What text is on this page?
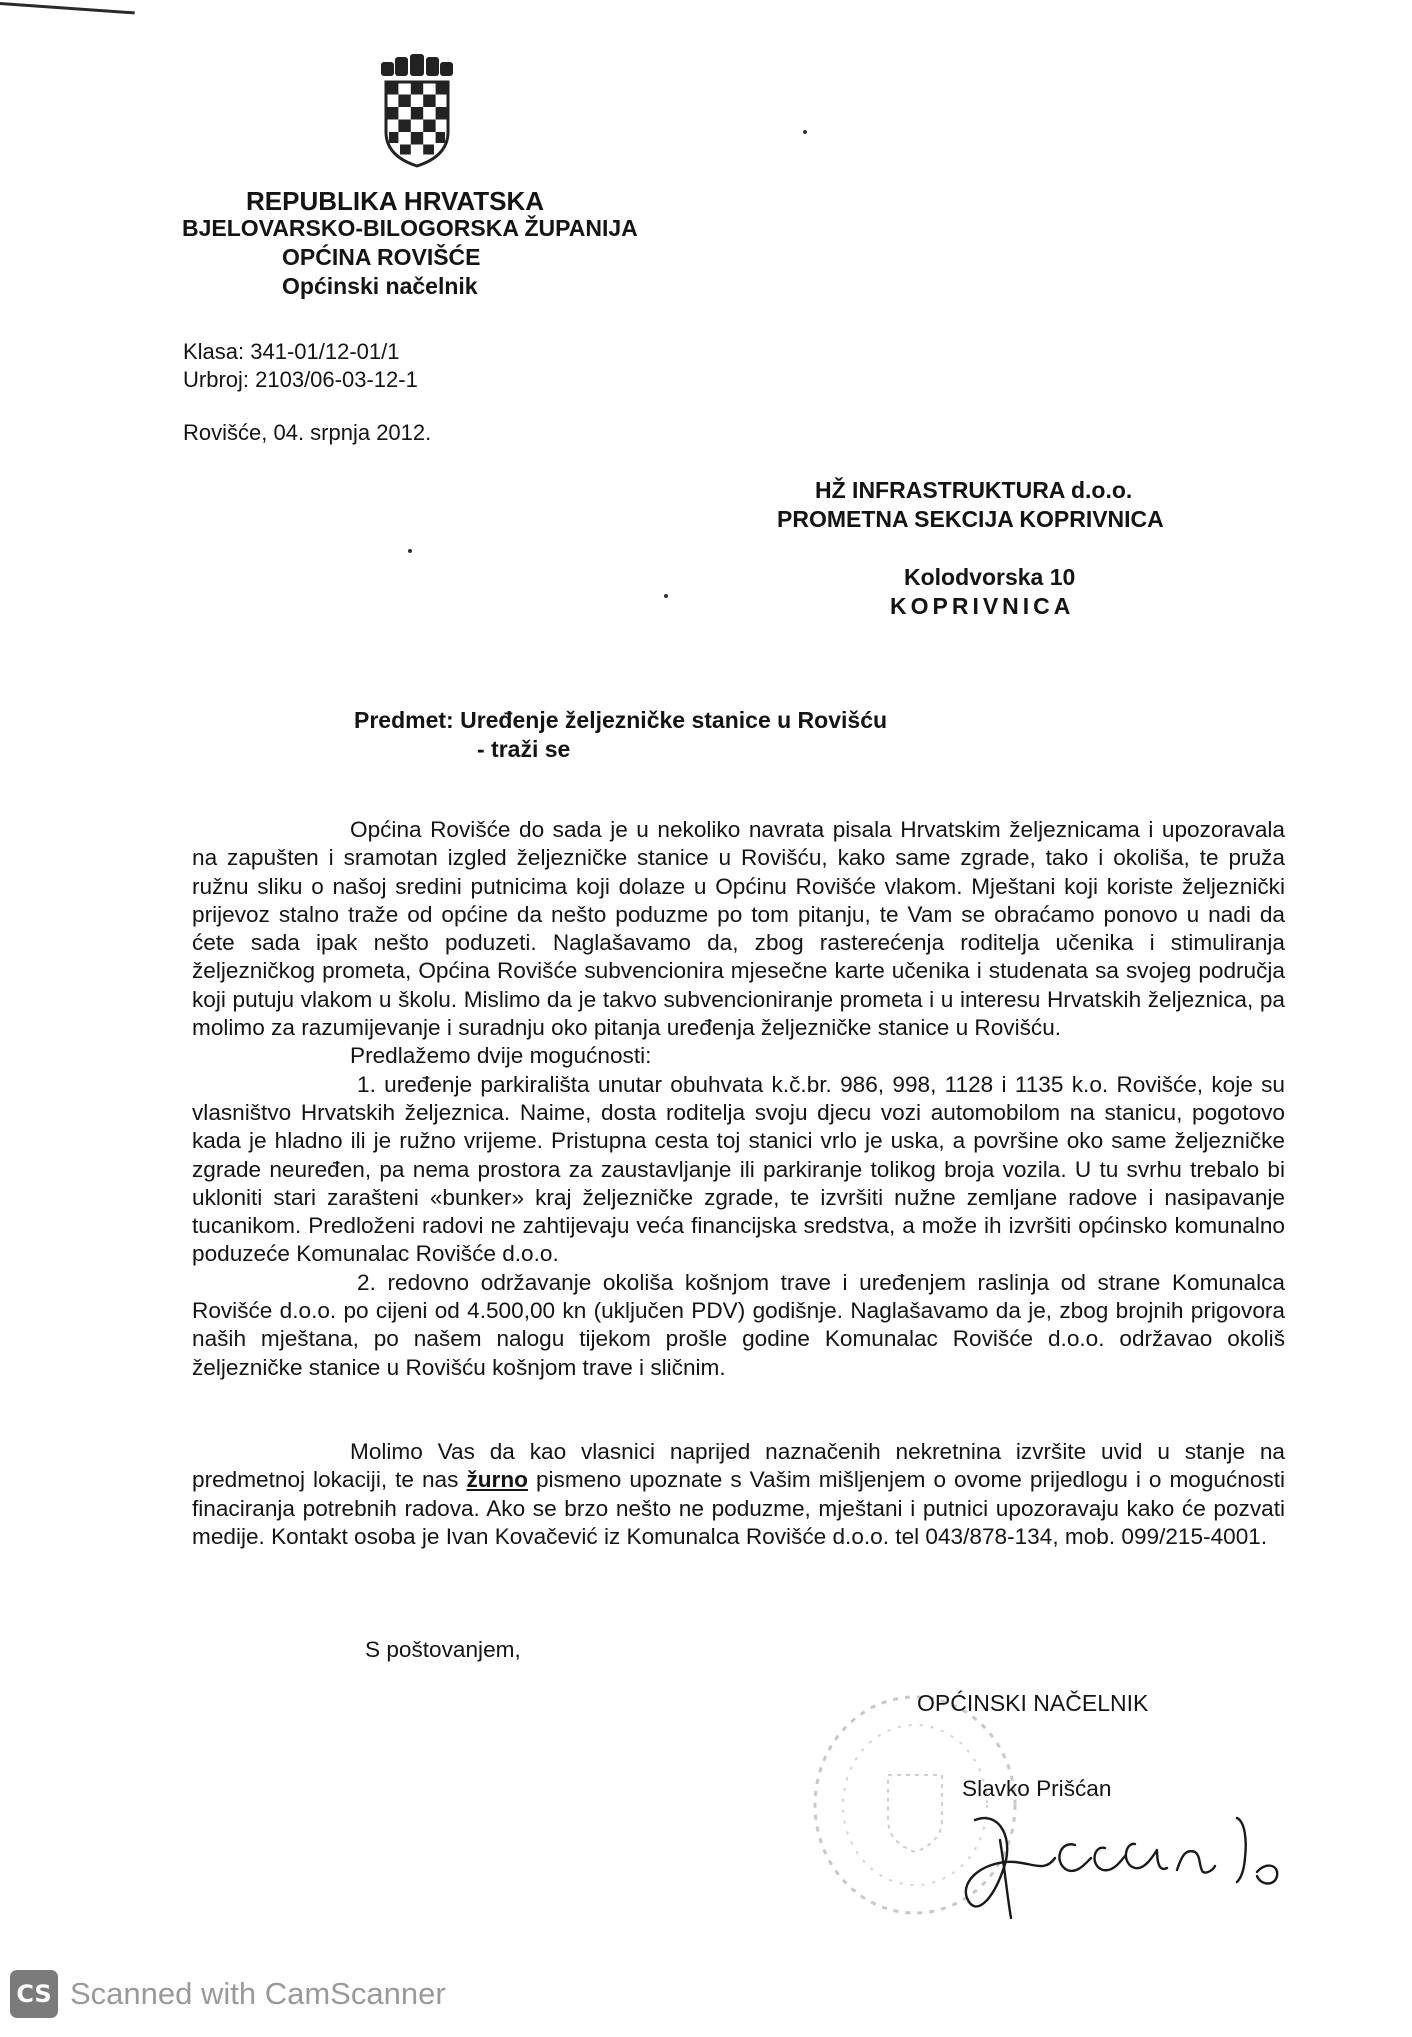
REPUBLIKA HRVATSKA
BJELOVARSKO-BILOGORSKA ŽUPANIJA
OPĆINA ROVIŠĆE
Općinski načelnik
Klasa: 341-01/12-01/1
Urbroj: 2103/06-03-12-1
Rovišće, 04. srpnja 2012.
HŽ INFRASTRUKTURA d.o.o.
PROMETNA SEKCIJA KOPRIVNICA
Kolodvorska 10
KOPRIVNICA
Predmet: Uređenje željezničke stanice u Rovišću
- traži se

Općina Rovišće do sada je u nekoliko navrata pisala Hrvatskim željeznicama i upozoravala na zapušten i sramotan izgled željezničke stanice u Rovišću, kako same zgrade, tako i okoliša, te pruža ružnu sliku o našoj sredini putnicima koji dolaze u Općinu Rovišće vlakom. Mještani koji koriste željeznički prijevoz stalno traže od općine da nešto poduzme po tom pitanju, te Vam se obraćamo ponovo u nadi da ćete sada ipak nešto poduzeti. Naglašavamo da, zbog rasterećenja roditelja učenika i stimuliranja željezničkog prometa, Općina Rovišće subvencionira mjesečne karte učenika i studenata sa svojeg područja koji putuju vlakom u školu. Mislimo da je takvo subvencioniranje prometa i u interesu Hrvatskih željeznica, pa molimo za razumijevanje i suradnju oko pitanja uređenja željezničke stanice u Rovišću.

Predlažemo dvije mogućnosti:

1. uređenje parkirališta unutar obuhvata k.č.br. 986, 998, 1128 i 1135 k.o. Rovišće, koje su vlasništvo Hrvatskih željeznica. Naime, dosta roditelja svoju djecu vozi automobilom na stanicu, pogotovo kada je hladno ili je ružno vrijeme. Pristupna cesta toj stanici vrlo je uska, a površine oko same željezničke zgrade neuređen, pa nema prostora za zaustavljanje ili parkiranje tolikog broja vozila. U tu svrhu trebalo bi ukloniti stari zarašteni «bunker» kraj željezničke zgrade, te izvršiti nužne zemljane radove i nasipavanje tucanikom. Predloženi radovi ne zahtijevaju veća financijska sredstva, a može ih izvršiti općinsko komunalno poduzeće Komunalac Rovišće d.o.o.

2. redovno održavanje okoliša košnjom trave i uređenjem raslinja od strane Komunalca Rovišće d.o.o. po cijeni od 4.500,00 kn (uključen PDV) godišnje. Naglašavamo da je, zbog brojnih prigovora naših mještana, po našem nalogu tijekom prošle godine Komunalac Rovišće d.o.o. održavao okoliš željezničke stanice u Rovišću košnjom trave i sličnim.

Molimo Vas da kao vlasnici naprijed naznačenih nekretnina izvršite uvid u stanje na predmetnoj lokaciji, te nas žurno pismeno upoznate s Vašim mišljenjem o ovome prijedlogu i o mogućnosti finaciranja potrebnih radova. Ako se brzo nešto ne poduzme, mještani i putnici upozoravaju kako će pozvati medije. Kontakt osoba je Ivan Kovačević iz Komunalca Rovišće d.o.o. tel 043/878-134, mob. 099/215-4001.

S poštovanjem,
OPĆINSKI NAČELNIK
Slavko Prišćan
CS Scanned with CamScanner
